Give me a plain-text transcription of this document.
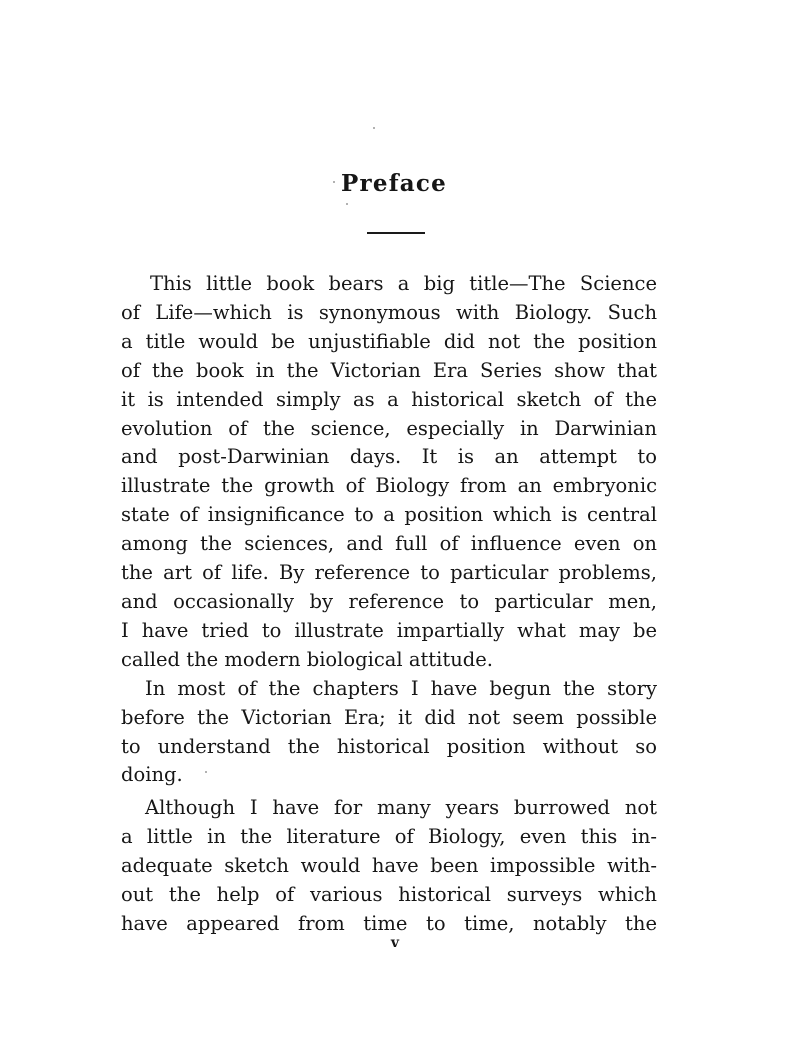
Preface
This little book bears a big title—The Science
of Life—which is synonymous with Biology. Such
a title would be unjustifiable did not the position
of the book in the Victorian Era Series show that
it is intended simply as a historical sketch of the
evolution of the science, especially in Darwinian
and post-Darwinian days. It is an attempt to
illustrate the growth of Biology from an embryonic
state of insignificance to a position which is central
among the sciences, and full of influence even on
the art of life. By reference to particular problems,
and occasionally by reference to particular men,
I have tried to illustrate impartially what may be
called the modern biological attitude.
In most of the chapters I have begun the story
before the Victorian Era; it did not seem possible
to understand the historical position without so
doing.
Although I have for many years burrowed not
a little in the literature of Biology, even this in-
adequate sketch would have been impossible with-
out the help of various historical surveys which
have appeared from time to time, notably the
v
